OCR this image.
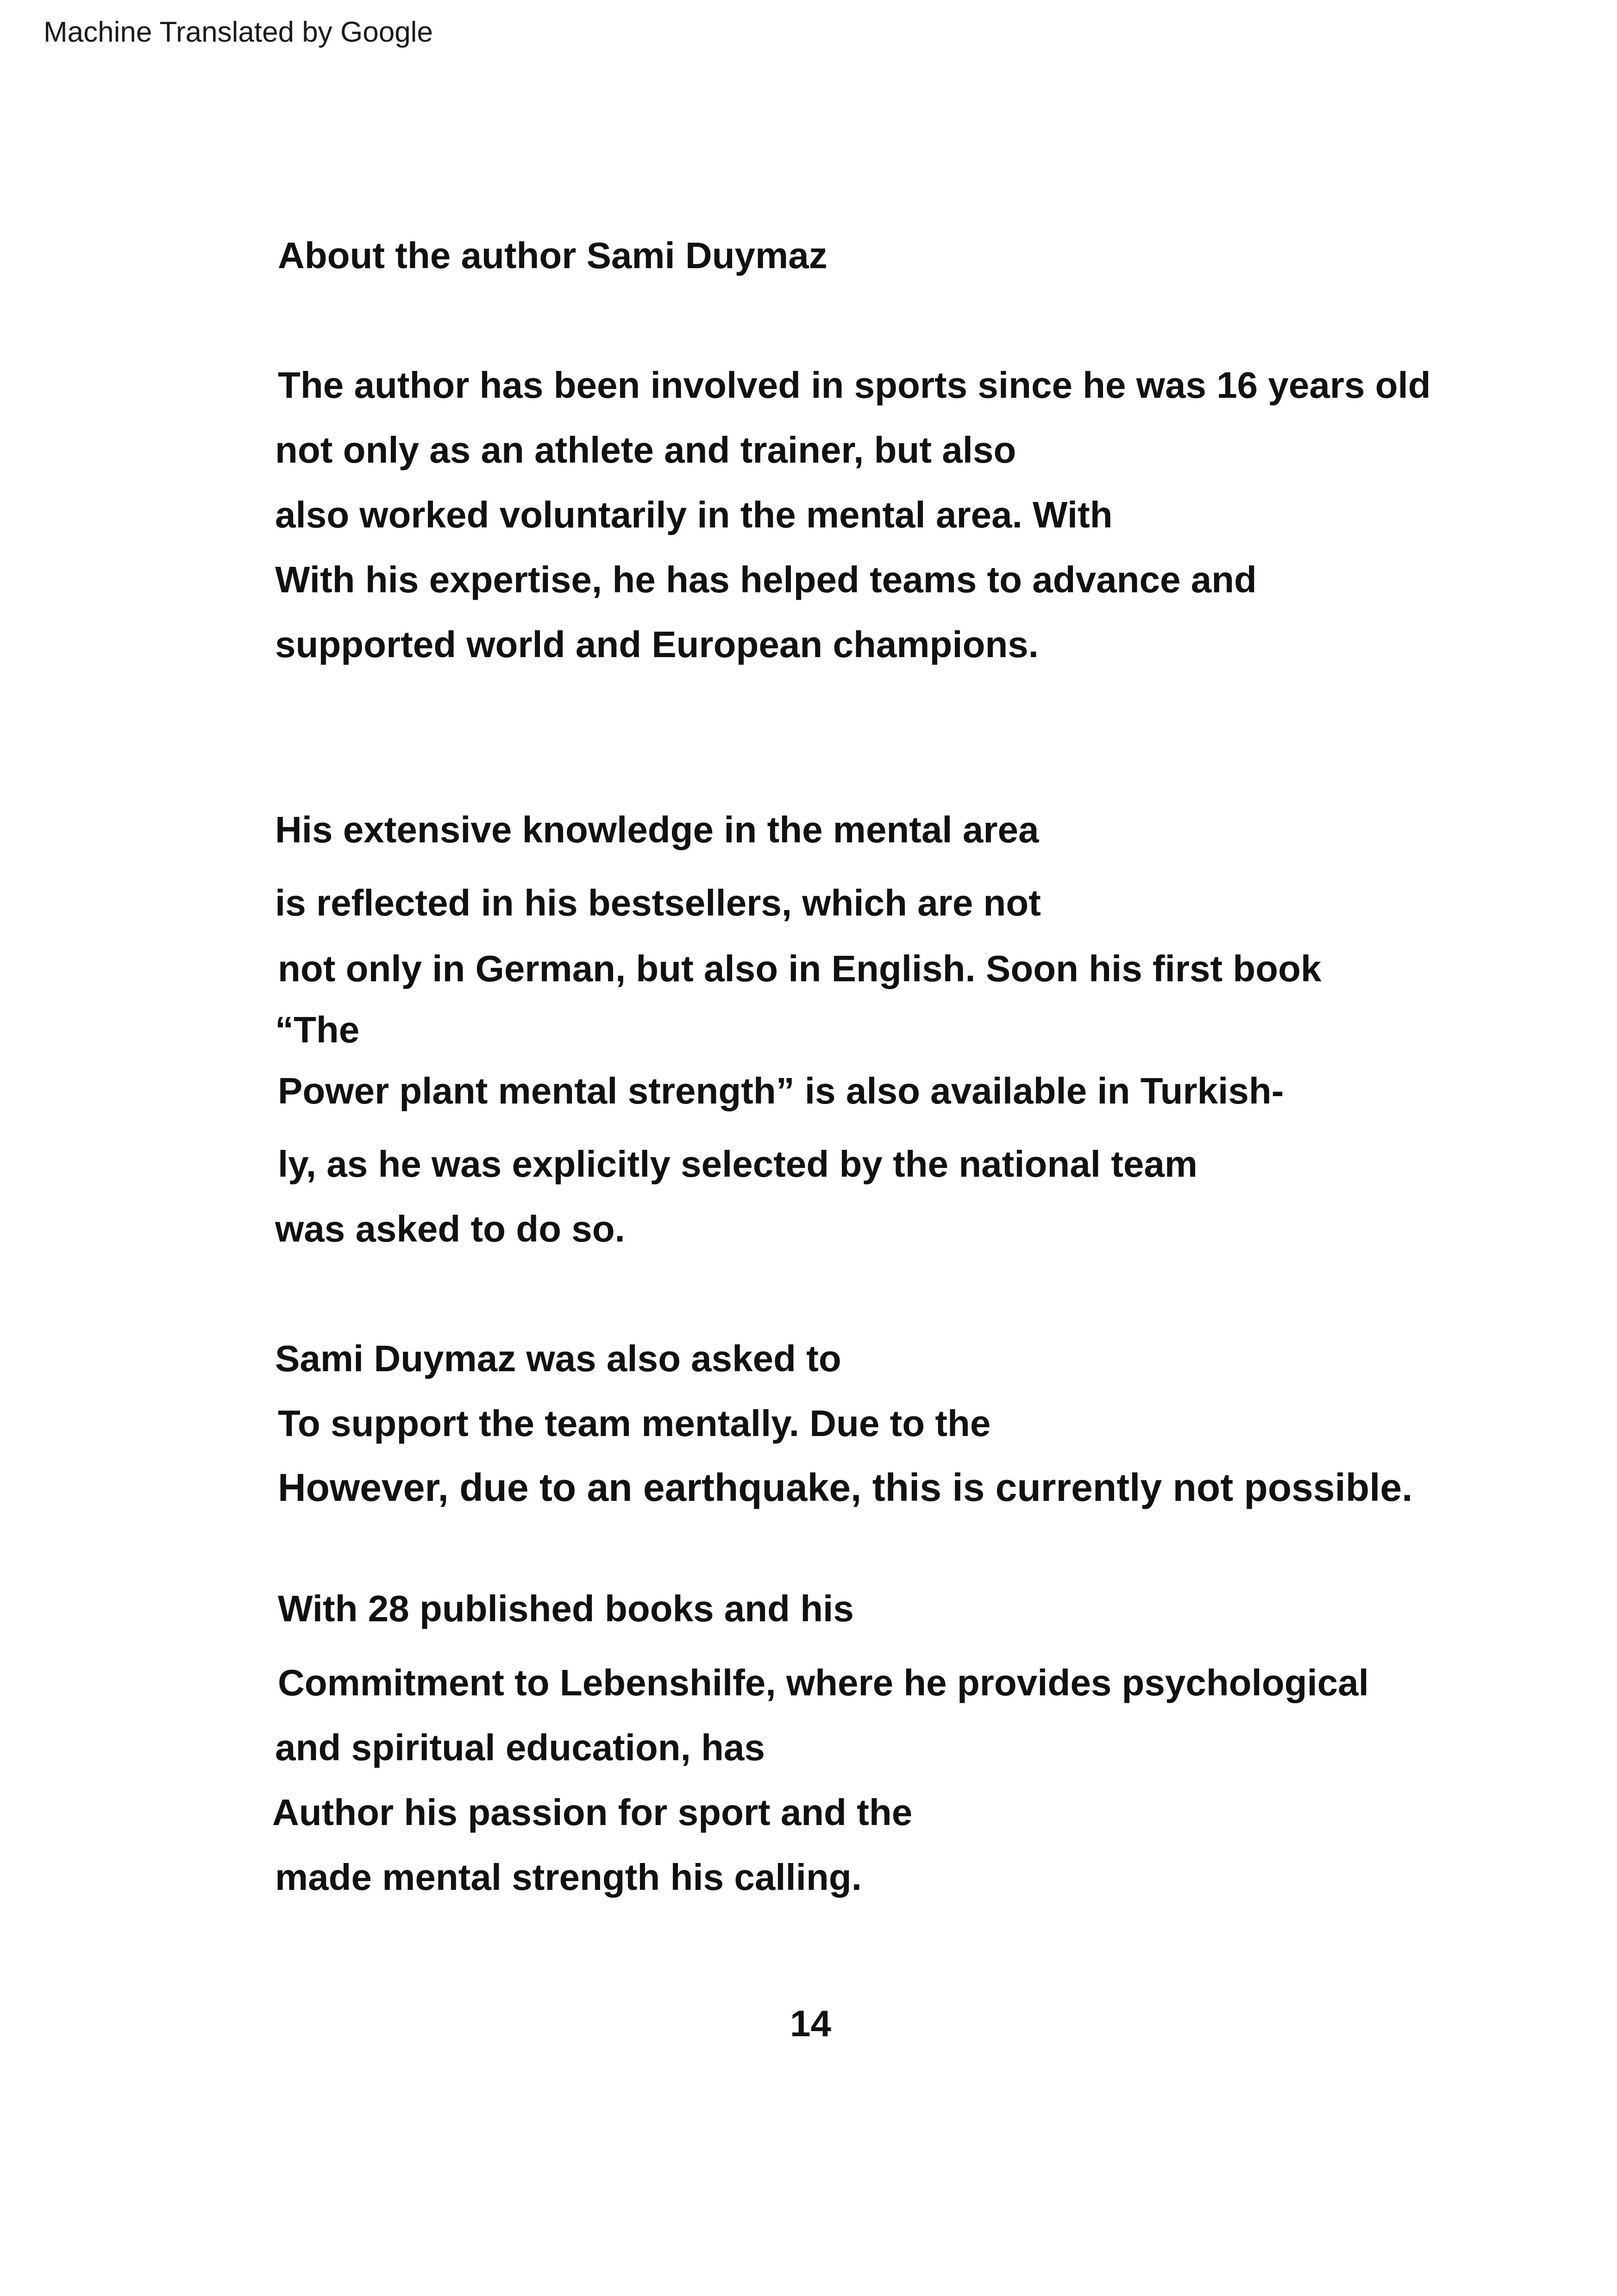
Machine Translated by Google
About the author Sami Duymaz
The author has been involved in sports since he was 16 years old
not only as an athlete and trainer, but also
also worked voluntarily in the mental area. With
With his expertise, he has helped teams to advance and
supported world and European champions.
His extensive knowledge in the mental area
is reflected in his bestsellers, which are not
not only in German, but also in English. Soon his first book
“The
Power plant mental strength” is also available in Turkish-
ly, as he was explicitly selected by the national team
was asked to do so.
Sami Duymaz was also asked to
To support the team mentally. Due to the
However, due to an earthquake, this is currently not possible.
With 28 published books and his
Commitment to Lebenshilfe, where he provides psychological
and spiritual education, has
Author his passion for sport and the
made mental strength his calling.
14
